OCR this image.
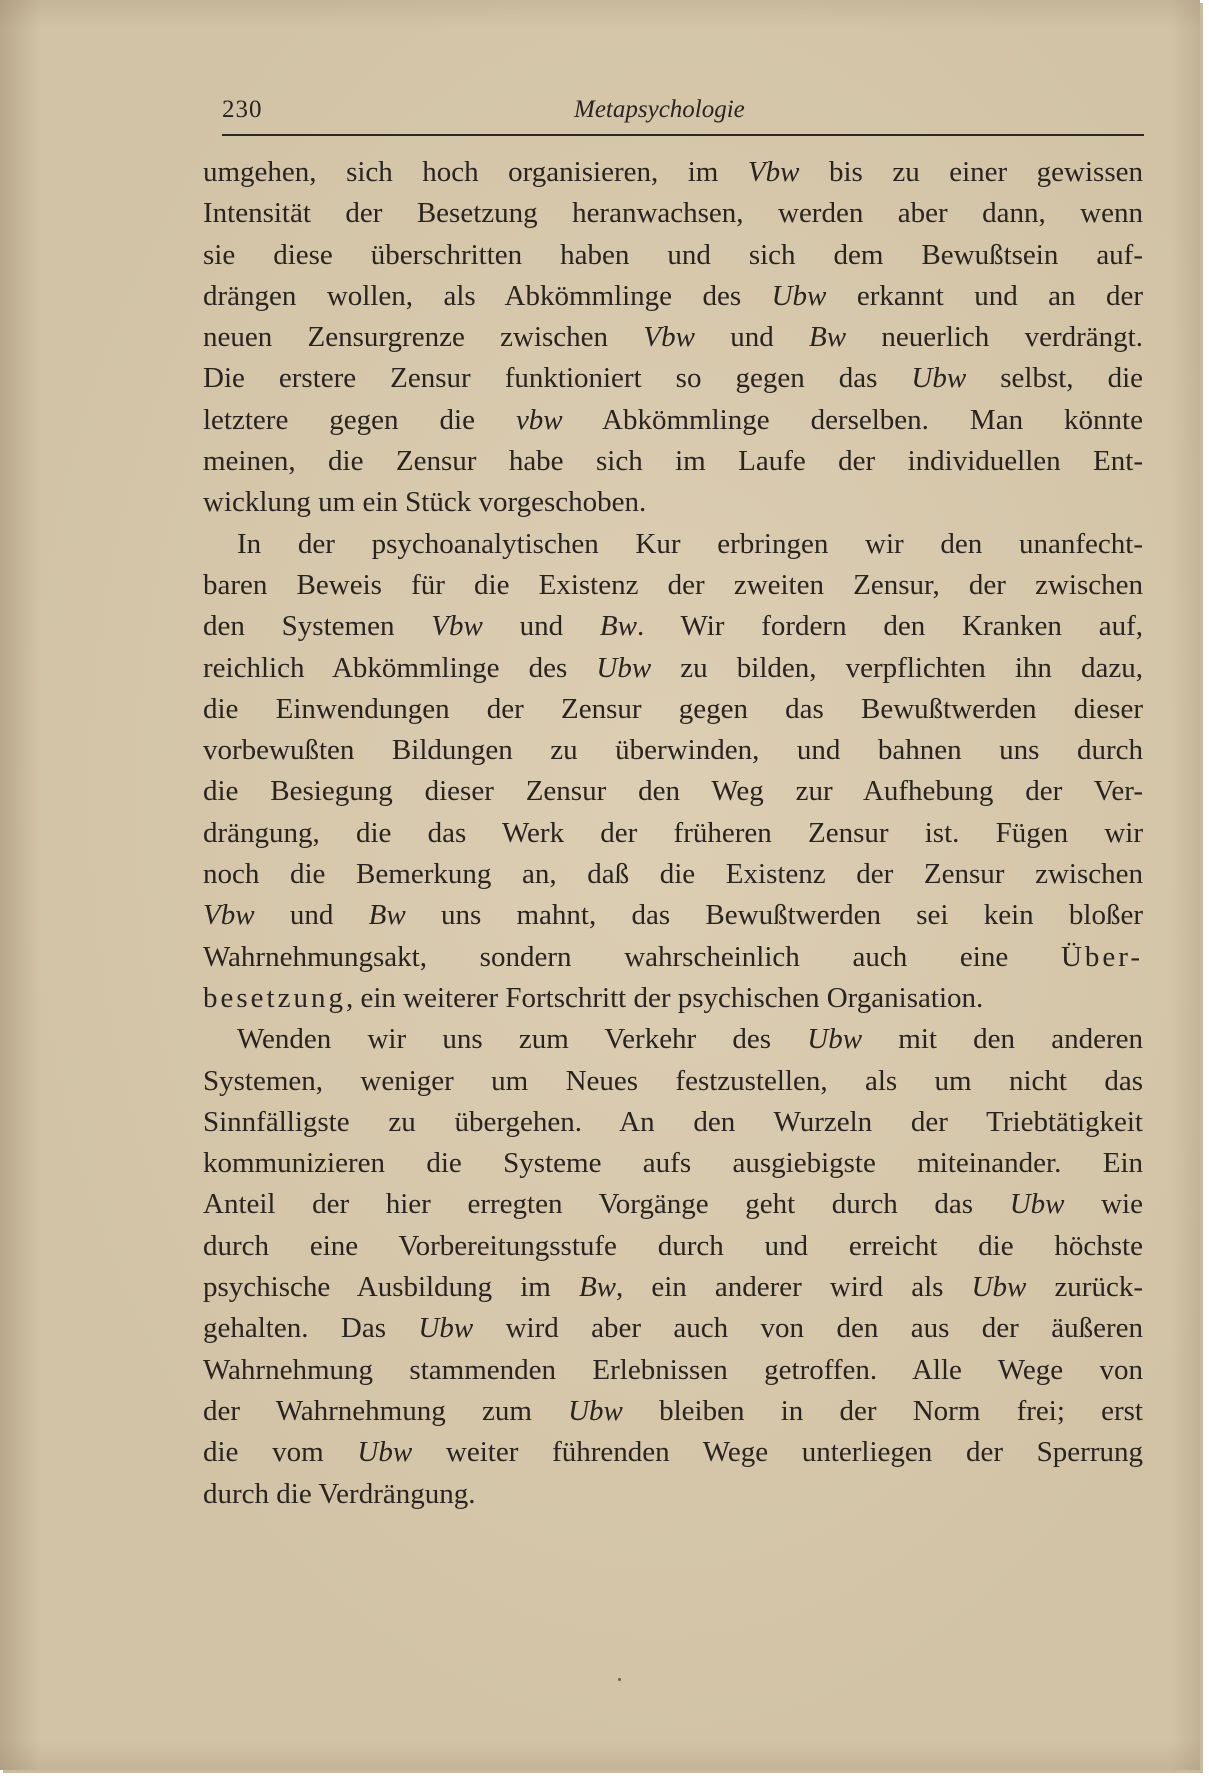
230	Metapsychologie
umgehen, sich hoch organisieren, im Vbw bis zu einer gewissen
Intensität der Besetzung heranwachsen, werden aber dann, wenn
sie diese überschritten haben und sich dem Bewußtsein auf-
drängen wollen, als Abkömmlinge des Ubw erkannt und an der
neuen Zensurgrenze zwischen Vbw und Bw neuerlich verdrängt.
Die erstere Zensur funktioniert so gegen das Ubw selbst, die
letztere gegen die vbw Abkömmlinge derselben. Man könnte
meinen, die Zensur habe sich im Laufe der individuellen Ent-
wicklung um ein Stück vorgeschoben.
In der psychoanalytischen Kur erbringen wir den unanfecht-
baren Beweis für die Existenz der zweiten Zensur, der zwischen
den Systemen Vbw und Bw. Wir fordern den Kranken auf,
reichlich Abkömmlinge des Ubw zu bilden, verpflichten ihn dazu,
die Einwendungen der Zensur gegen das Bewußtwerden dieser
vorbewußten Bildungen zu überwinden, und bahnen uns durch
die Besiegung dieser Zensur den Weg zur Aufhebung der Ver-
drängung, die das Werk der früheren Zensur ist. Fügen wir
noch die Bemerkung an, daß die Existenz der Zensur zwischen
Vbw und Bw uns mahnt, das Bewußtwerden sei kein bloßer
Wahrnehmungsakt, sondern wahrscheinlich auch eine Über-
besetzung, ein weiterer Fortschritt der psychischen Organisation.
Wenden wir uns zum Verkehr des Ubw mit den anderen
Systemen, weniger um Neues festzustellen, als um nicht das
Sinnfälligste zu übergehen. An den Wurzeln der Triebtätigkeit
kommunizieren die Systeme aufs ausgiebigste miteinander. Ein
Anteil der hier erregten Vorgänge geht durch das Ubw wie
durch eine Vorbereitungsstufe durch und erreicht die höchste
psychische Ausbildung im Bw, ein anderer wird als Ubw zurück-
gehalten. Das Ubw wird aber auch von den aus der äußeren
Wahrnehmung stammenden Erlebnissen getroffen. Alle Wege von
der Wahrnehmung zum Ubw bleiben in der Norm frei; erst
die vom Ubw weiter führenden Wege unterliegen der Sperrung
durch die Verdrängung.
